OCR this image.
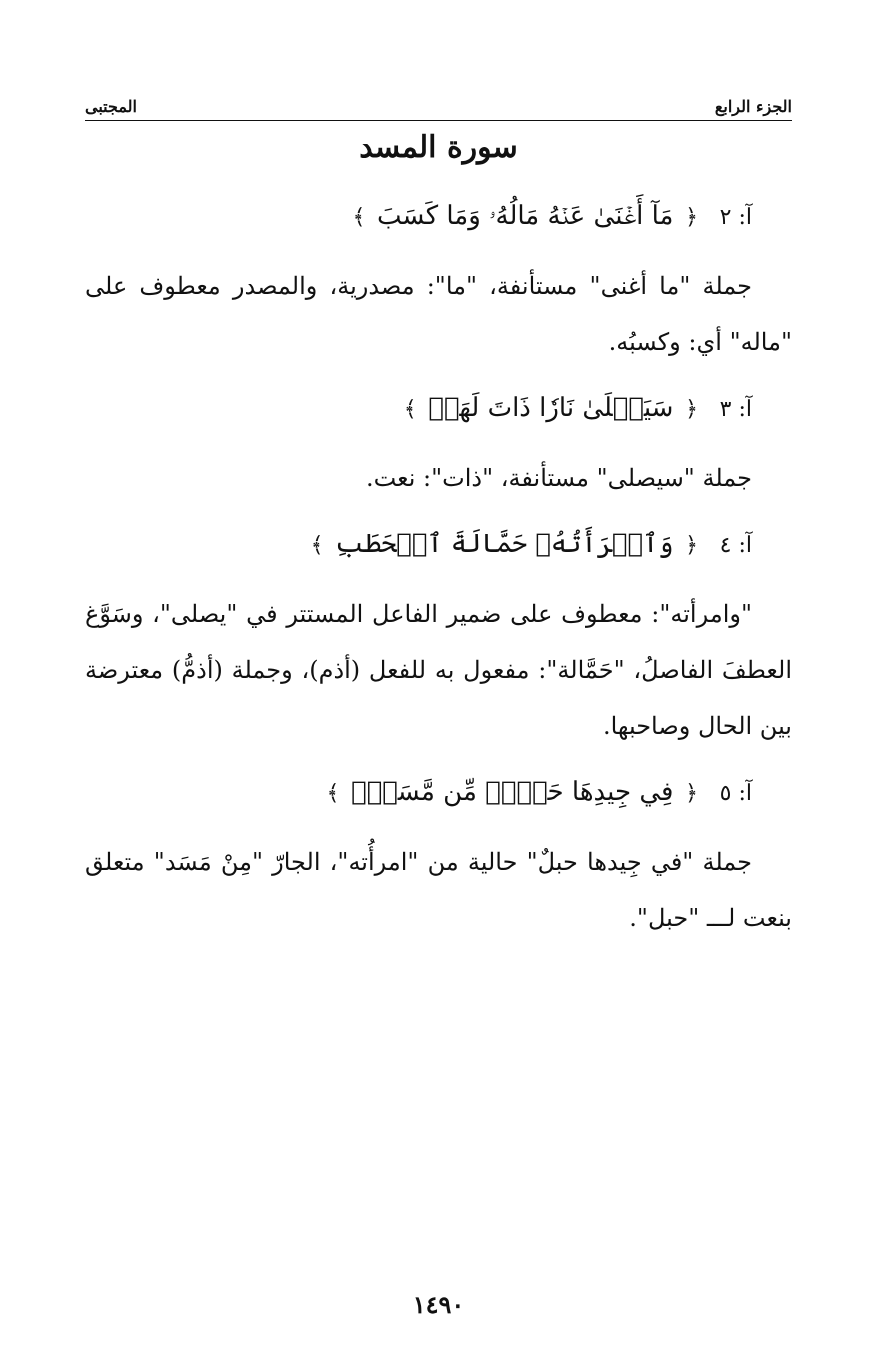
الجزء الرابع
المجتبى
سورة المسد
آ: ٢ ﴿ مَآ أَغۡنَىٰ عَنۡهُ مَالُهُۥ وَمَا كَسَبَ ﴾

جملة "ما أغنى" مستأنفة، "ما": مصدرية، والمصدر معطوف على "ماله" أي: وكسبُه.

آ: ٣ ﴿ سَيَصۡلَىٰ نَارٗا ذَاتَ لَهَبٖ ﴾

جملة "سيصلى" مستأنفة، "ذات": نعت.

آ: ٤ ﴿ وَٱمۡرَأَتُهُۥ حَمَّالَةَ ٱلۡحَطَبِ ﴾

"وامرأته": معطوف على ضمير الفاعل المستتر في "يصلى"، وسَوَّغ العطفَ الفاصلُ، "حَمَّالة": مفعول به للفعل (أذم)، وجملة (أذمُّ) معترضة بين الحال وصاحبها.

آ: ٥ ﴿ فِي جِيدِهَا حَبۡلٞ مِّن مَّسَدِۭ ﴾

جملة "في جِيدها حبلٌ" حالية من "امرأُته"، الجارّ "مِنْ مَسَد" متعلق بنعت لـــ "حبل".

١٤٩٠
